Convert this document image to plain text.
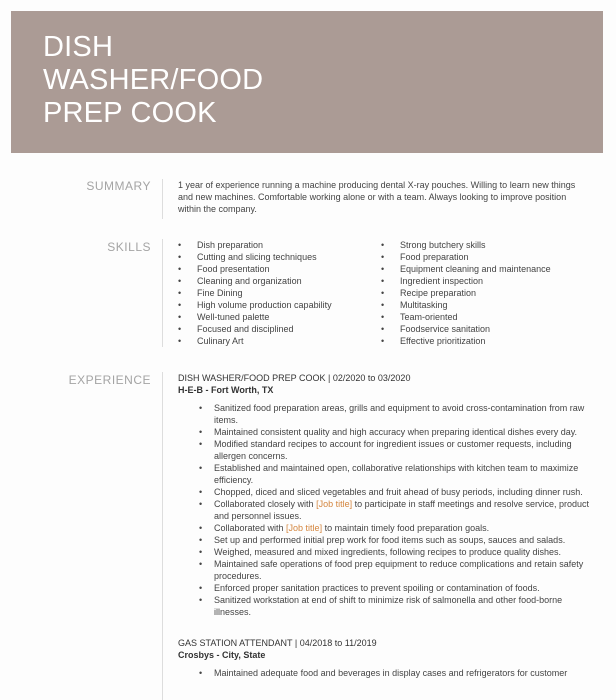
DISH
WASHER/FOOD
PREP COOK
SUMMARY	1 year of experience running a machine producing dental X-ray pouches. Willing to learn new things and new machines. Comfortable working alone or with a team. Always looking to improve position within the company.
SKILLS
•	Dish preparation
• Cutting and slicing techniques
• Food presentation
• Cleaning and organization
• Fine Dining
• High volume production capability
• Well-tuned palette
• Focused and disciplined
• Culinary Art
• Strong butchery skills
• Food preparation
• Equipment cleaning and maintenance
• Ingredient inspection
• Recipe preparation
• Multitasking
• Team-oriented
• Foodservice sanitation
• Effective prioritization
EXPERIENCE	DISH WASHER/FOOD PREP COOK | 02/2020 to 03/2020
H-E-B - Fort Worth, TX
• Sanitized food preparation areas, grills and equipment to avoid cross-contamination from raw items.
• Maintained consistent quality and high accuracy when preparing identical dishes every day.
• Modified standard recipes to account for ingredient issues or customer requests, including allergen concerns.
• Established and maintained open, collaborative relationships with kitchen team to maximize efficiency.
• Chopped, diced and sliced vegetables and fruit ahead of busy periods, including dinner rush.
• Collaborated closely with [Job title] to participate in staff meetings and resolve service, product and personnel issues.
• Collaborated with [Job title] to maintain timely food preparation goals.
• Set up and performed initial prep work for food items such as soups, sauces and salads.
• Weighed, measured and mixed ingredients, following recipes to produce quality dishes.
• Maintained safe operations of food prep equipment to reduce complications and retain safety procedures.
• Enforced proper sanitation practices to prevent spoiling or contamination of foods.
• Sanitized workstation at end of shift to minimize risk of salmonella and other food-borne illnesses.
GAS STATION ATTENDANT | 04/2018 to 11/2019
Crosbys - City, State
• Maintained adequate food and beverages in display cases and refrigerators for customer
